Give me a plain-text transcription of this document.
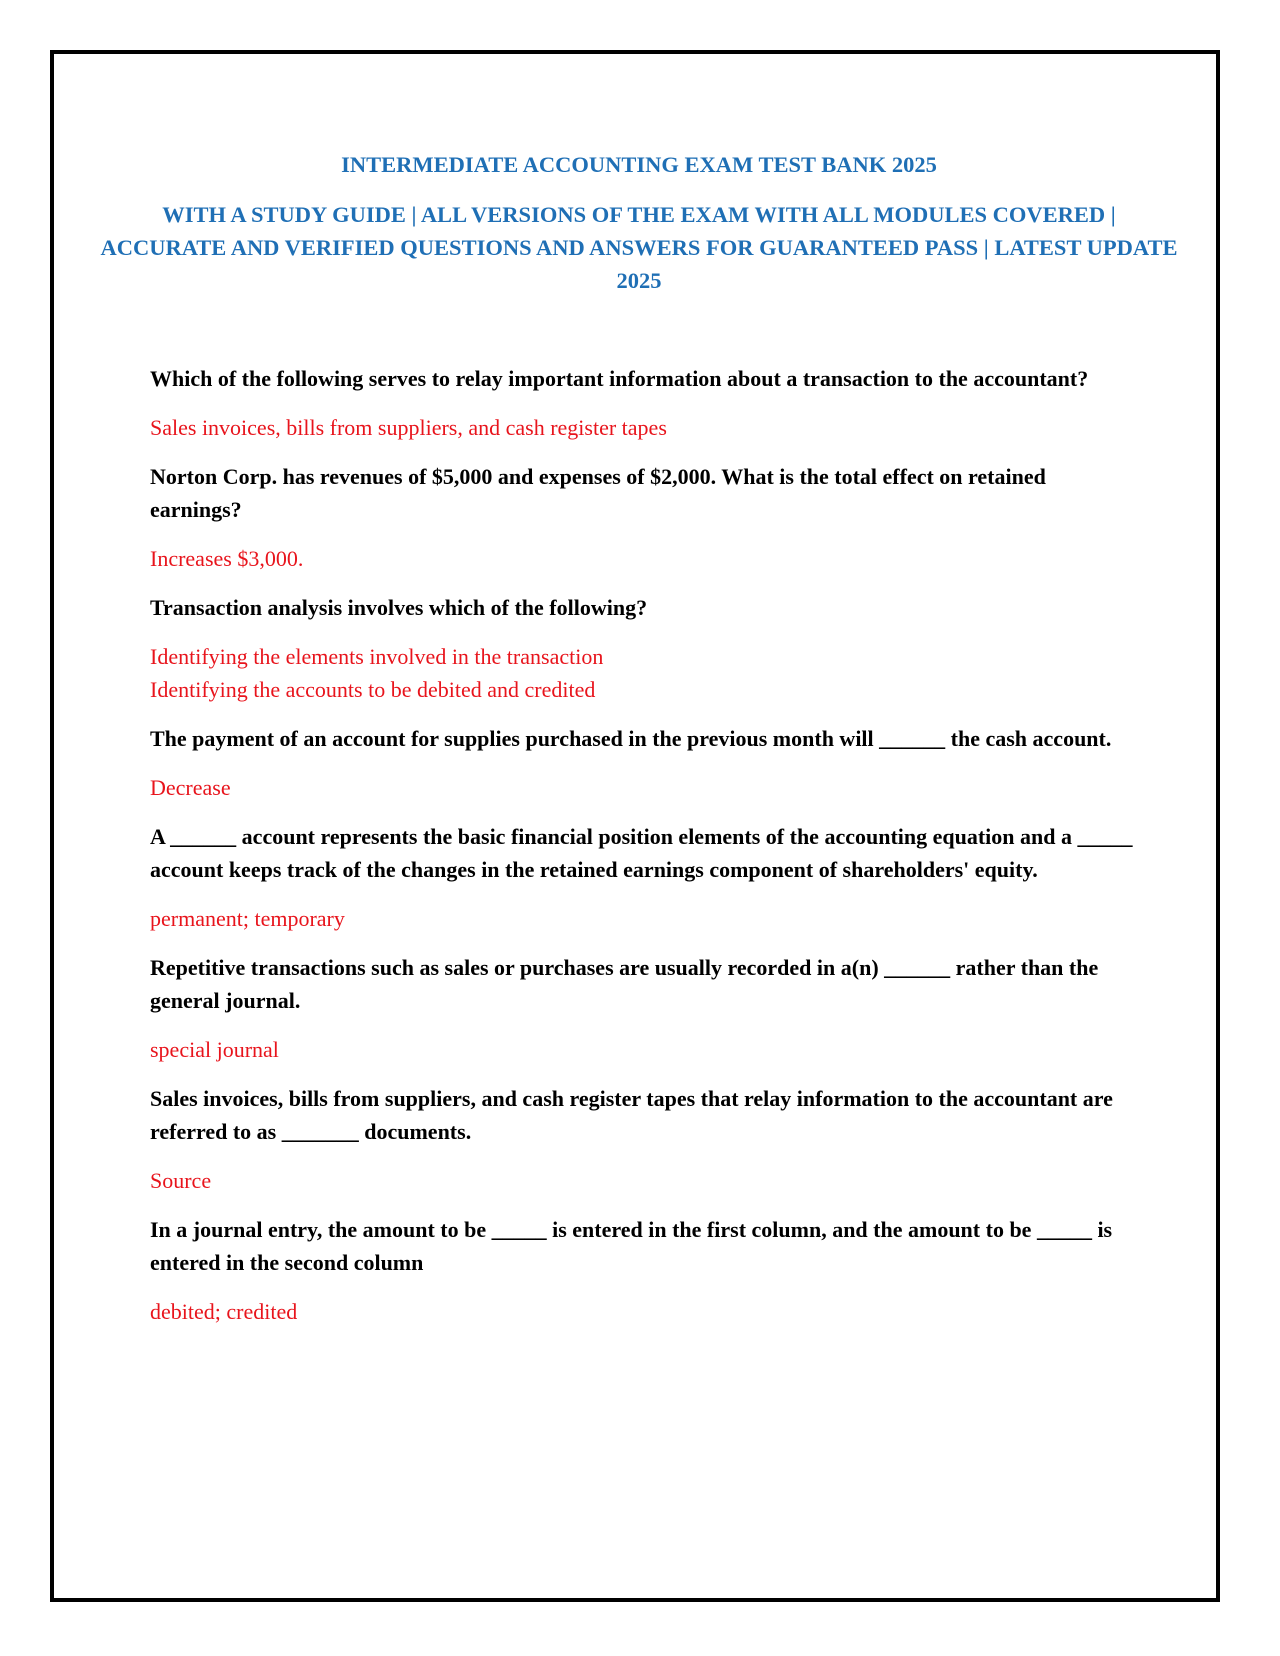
INTERMEDIATE ACCOUNTING EXAM TEST BANK 2025
WITH A STUDY GUIDE | ALL VERSIONS OF THE EXAM WITH ALL MODULES COVERED | ACCURATE AND VERIFIED QUESTIONS AND ANSWERS FOR GUARANTEED PASS | LATEST UPDATE 2025

Which of the following serves to relay important information about a transaction to the accountant?

Sales invoices, bills from suppliers, and cash register tapes

Norton Corp. has revenues of $5,000 and expenses of $2,000. What is the total effect on retained earnings?

Increases $3,000.

Transaction analysis involves which of the following?

Identifying the elements involved in the transaction
Identifying the accounts to be debited and credited

The payment of an account for supplies purchased in the previous month will ______ the cash account.

Decrease

A ______ account represents the basic financial position elements of the accounting equation and a _____ account keeps track of the changes in the retained earnings component of shareholders' equity.

permanent; temporary

Repetitive transactions such as sales or purchases are usually recorded in a(n) ______ rather than the general journal.

special journal

Sales invoices, bills from suppliers, and cash register tapes that relay information to the accountant are referred to as _______ documents.

Source

In a journal entry, the amount to be _____ is entered in the first column, and the amount to be _____ is entered in the second column

debited; credited
